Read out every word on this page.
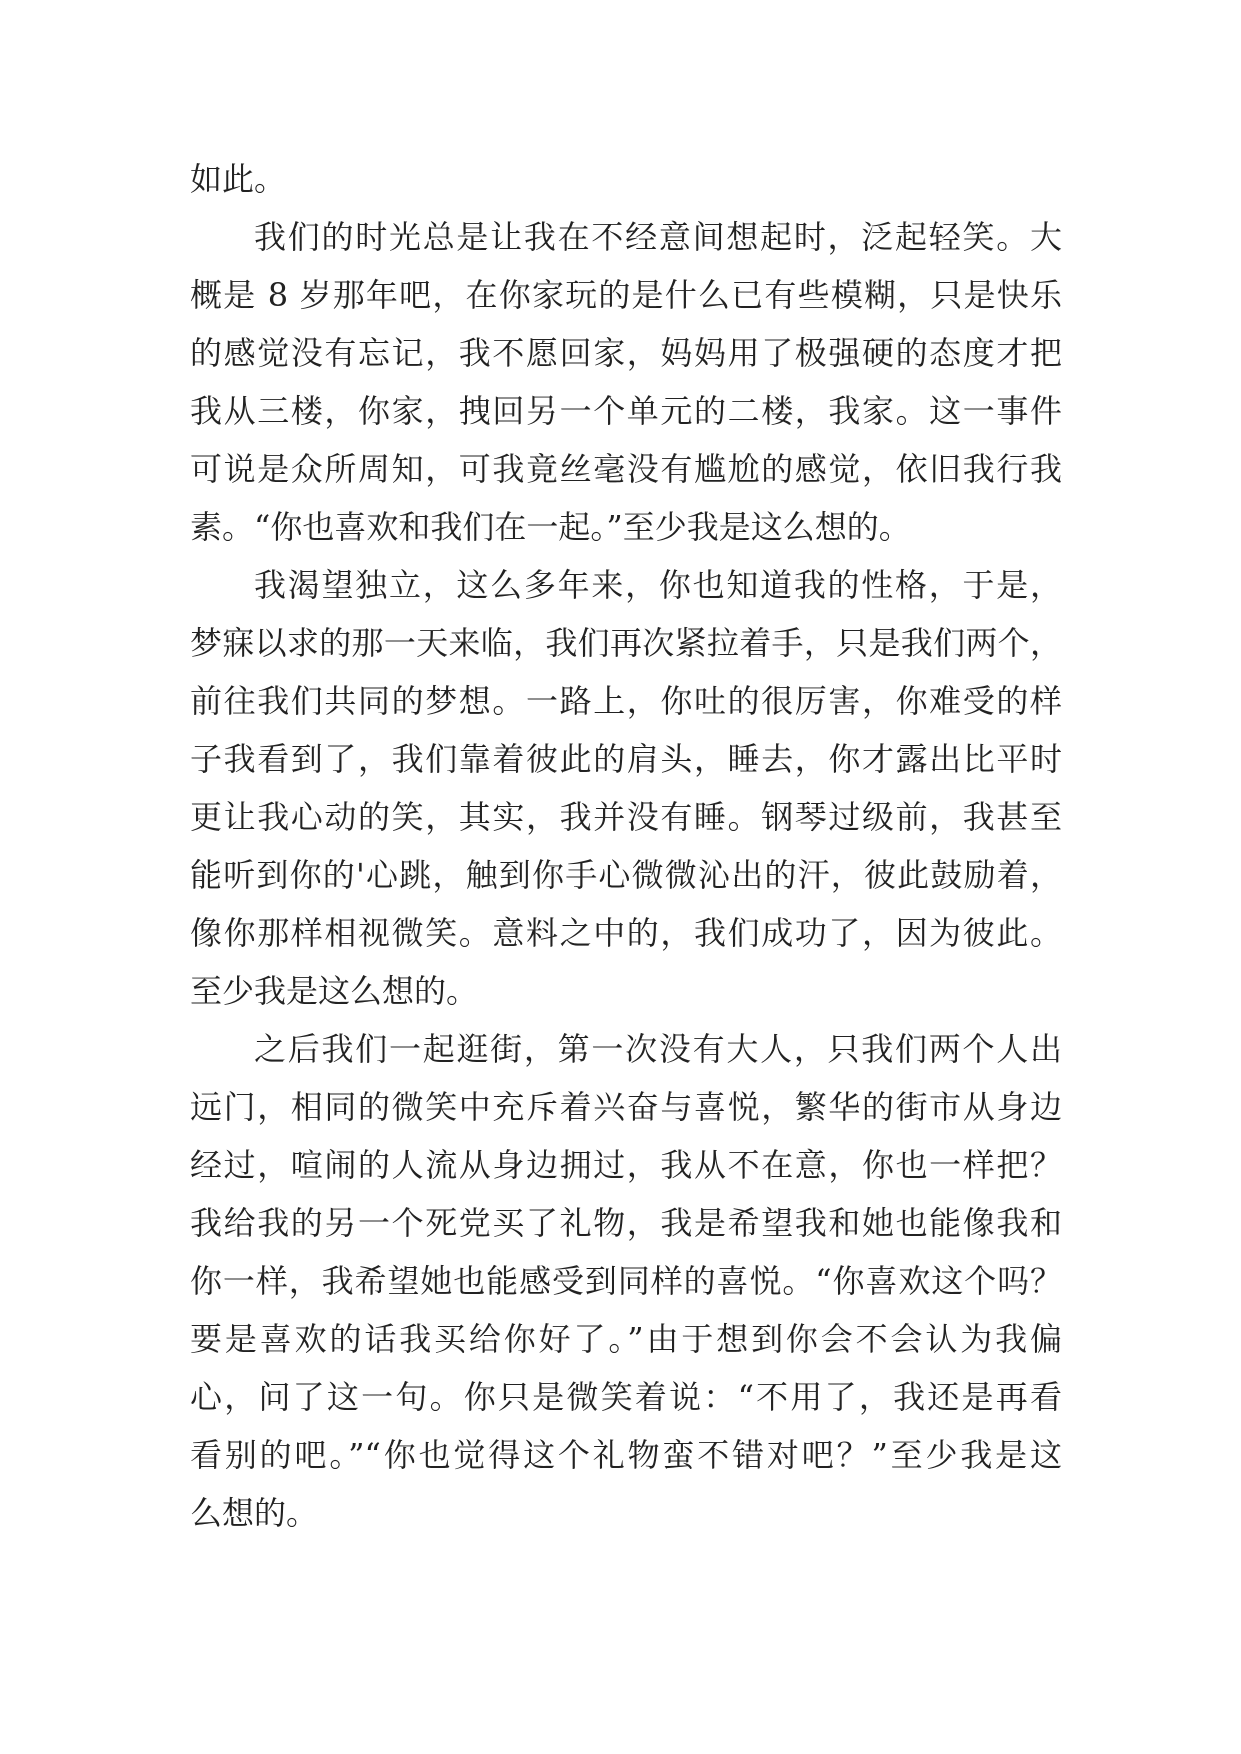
如此。
我们的时光总是让我在不经意间想起时，泛起轻笑。大
概是 8 岁那年吧，在你家玩的是什么已有些模糊，只是快乐
的感觉没有忘记，我不愿回家，妈妈用了极强硬的态度才把
我从三楼，你家，拽回另一个单元的二楼，我家。这一事件
可说是众所周知，可我竟丝毫没有尴尬的感觉，依旧我行我
素。“你也喜欢和我们在一起。”至少我是这么想的。
我渴望独立，这么多年来，你也知道我的性格，于是，
梦寐以求的那一天来临，我们再次紧拉着手，只是我们两个，
前往我们共同的梦想。一路上，你吐的很厉害，你难受的样
子我看到了，我们靠着彼此的肩头，睡去，你才露出比平时
更让我心动的笑，其实，我并没有睡。钢琴过级前，我甚至
能听到你的'心跳，触到你手心微微沁出的汗，彼此鼓励着，
像你那样相视微笑。意料之中的，我们成功了，因为彼此。
至少我是这么想的。
之后我们一起逛街，第一次没有大人，只我们两个人出
远门，相同的微笑中充斥着兴奋与喜悦，繁华的街市从身边
经过，喧闹的人流从身边拥过，我从不在意，你也一样把？
我给我的另一个死党买了礼物，我是希望我和她也能像我和
你一样，我希望她也能感受到同样的喜悦。“你喜欢这个吗？
要是喜欢的话我买给你好了。”由于想到你会不会认为我偏
心，问了这一句。你只是微笑着说：“不用了，我还是再看
看别的吧。”“你也觉得这个礼物蛮不错对吧？”至少我是这
么想的。
